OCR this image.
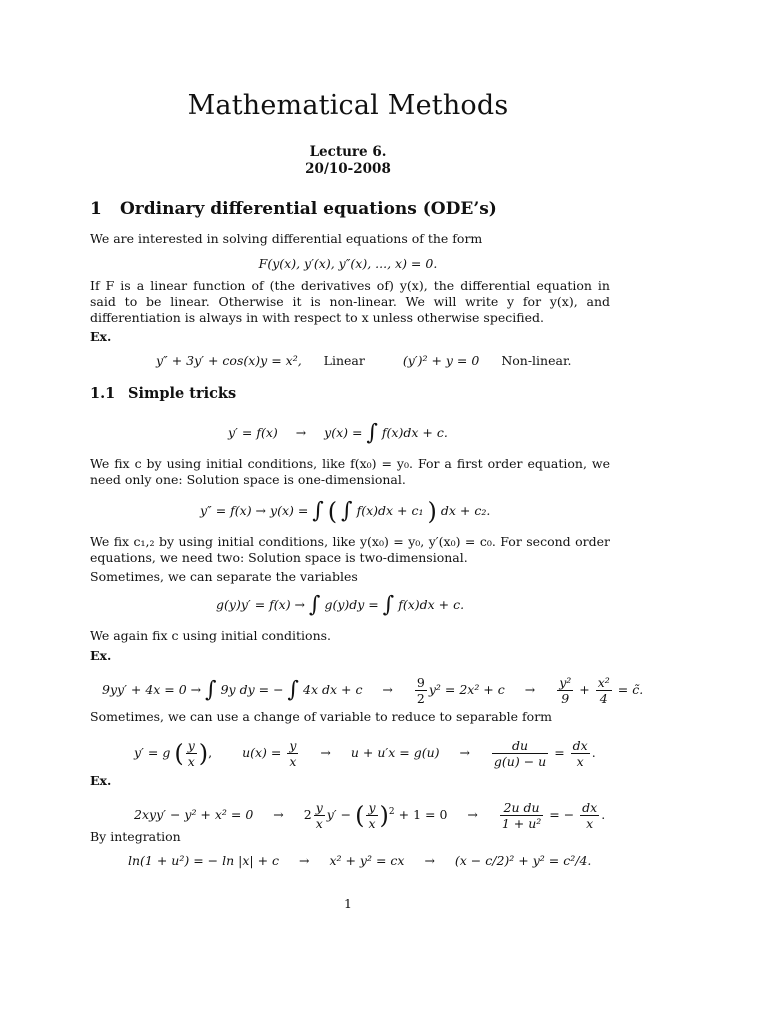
Mathematical Methods
Lecture 6.
20/10-2008
1 Ordinary differential equations (ODE’s)
We are interested in solving differential equations of the form
F(y(x), y′(x), y″(x), ..., x) = 0.
If F is a linear function of (the derivatives of) y(x), the differential equation in said to be linear. Otherwise it is non-linear. We will write y for y(x), and differentiation is always in with respect to x unless otherwise specified.
Ex.
y″ + 3y′ + cos(x)y = x²,  Linear	(y′)² + y = 0 Non-linear.
1.1 Simple tricks
y′ = f(x) → y(x) = ∫ f(x)dx + c.
We fix c by using initial conditions, like f(x₀) = y₀. For a first order equation, we need only one: Solution space is one-dimensional.
y″ = f(x) → y(x) = ∫ ( ∫ f(x)dx + c₁ ) dx + c₂.
We fix c₁,₂ by using initial conditions, like y(x₀) = y₀, y′(x₀) = c₀. For second order equations, we need two: Solution space is two-dimensional.
Sometimes, we can separate the variables
g(y)y′ = f(x) → ∫ g(y)dy = ∫ f(x)dx + c.
We again fix c using initial conditions.
Ex.
9yy′ + 4x = 0 → ∫ 9y dy = − ∫ 4x dx + $c \to \frac{9}{2} y^2 = 2x^2 + c \to \frac{\text{y²}}{9} + \frac{\text{x²}}{4}$ = c̃.
Sometimes, we can use a change of variable to reduce to separable form
y′ = g ( $\frac{y}{x}$ ), $u(x) = \frac{y}{x} \to u + u'x = g(u) \to \frac{du}{g(u) - u} = \frac{dx}{x}$ .
Ex.
$2xyy' - y^2 + x^2 = 0 \to 2 \frac{y}{x} y'$ − ( $\frac{y}{x} )^2 + 1 = 0 \to \frac{\text{2u du}}{\text{1 + u²}}$ = − $\frac{dx}{x}$ .
By integration
ln(1 + u²) = − ln |x| + c → x² + y² = cx → (x − c/2)² + y² = c²/4.
1
